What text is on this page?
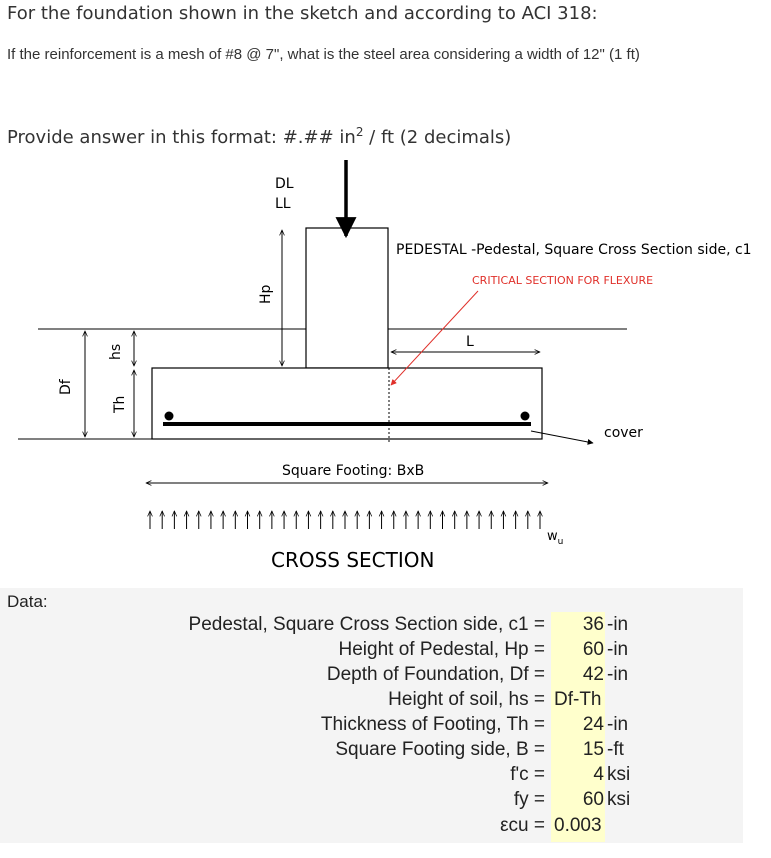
For the foundation shown in the sketch and according to ACI 318:
If the reinforcement is a mesh of #8 @ 7", what is the steel area considering a width of 12" (1 ft)
Provide answer in this format: #.## $in^2$ / ft (2 decimals)
DL
LL
Hp
hs
Th
Df
L
PEDESTAL -Pedestal, Square Cross Section side, c1
CRITICAL SECTION FOR FLEXURE
cover
Square Footing: BxB
$w_u$
CROSS SECTION
Data:
Pedestal, Square Cross Section side, c1 =	36 -in
Height of Pedestal, Hp =	60 -in
Depth of Foundation, Df =	42 -in
Height of soil, hs = Df-Th
Thickness of Footing, Th =	24 -in
Square Footing side, B =	15 -ft
f'c =	4 ksi
fy =	60 ksi
εcu = 0.003
